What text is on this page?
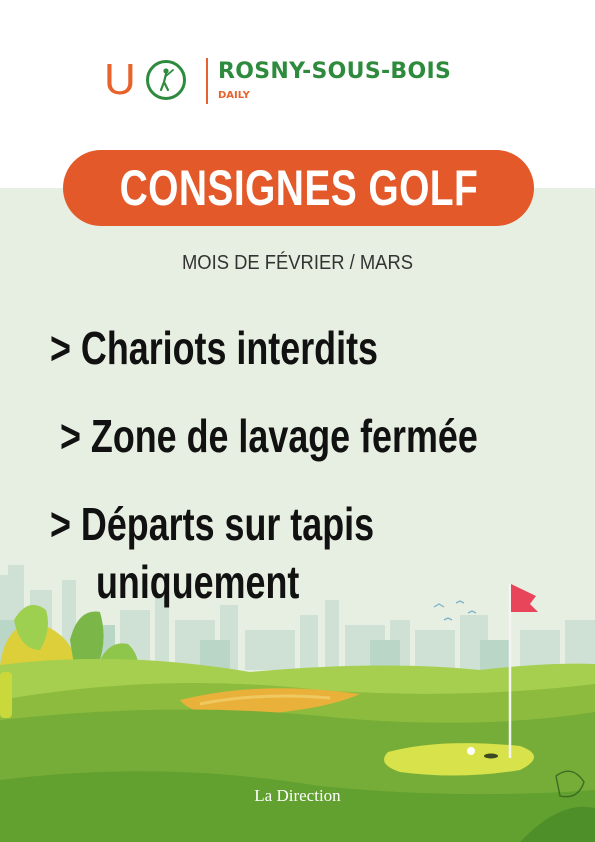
U	ROSNY-SOUS-BOIS
DAILY
CONSIGNES GOLF
MOIS DE FÉVRIER / MARS
> Chariots interdits
> Zone de lavage fermée
> Départs sur tapis
uniquement
La Direction
